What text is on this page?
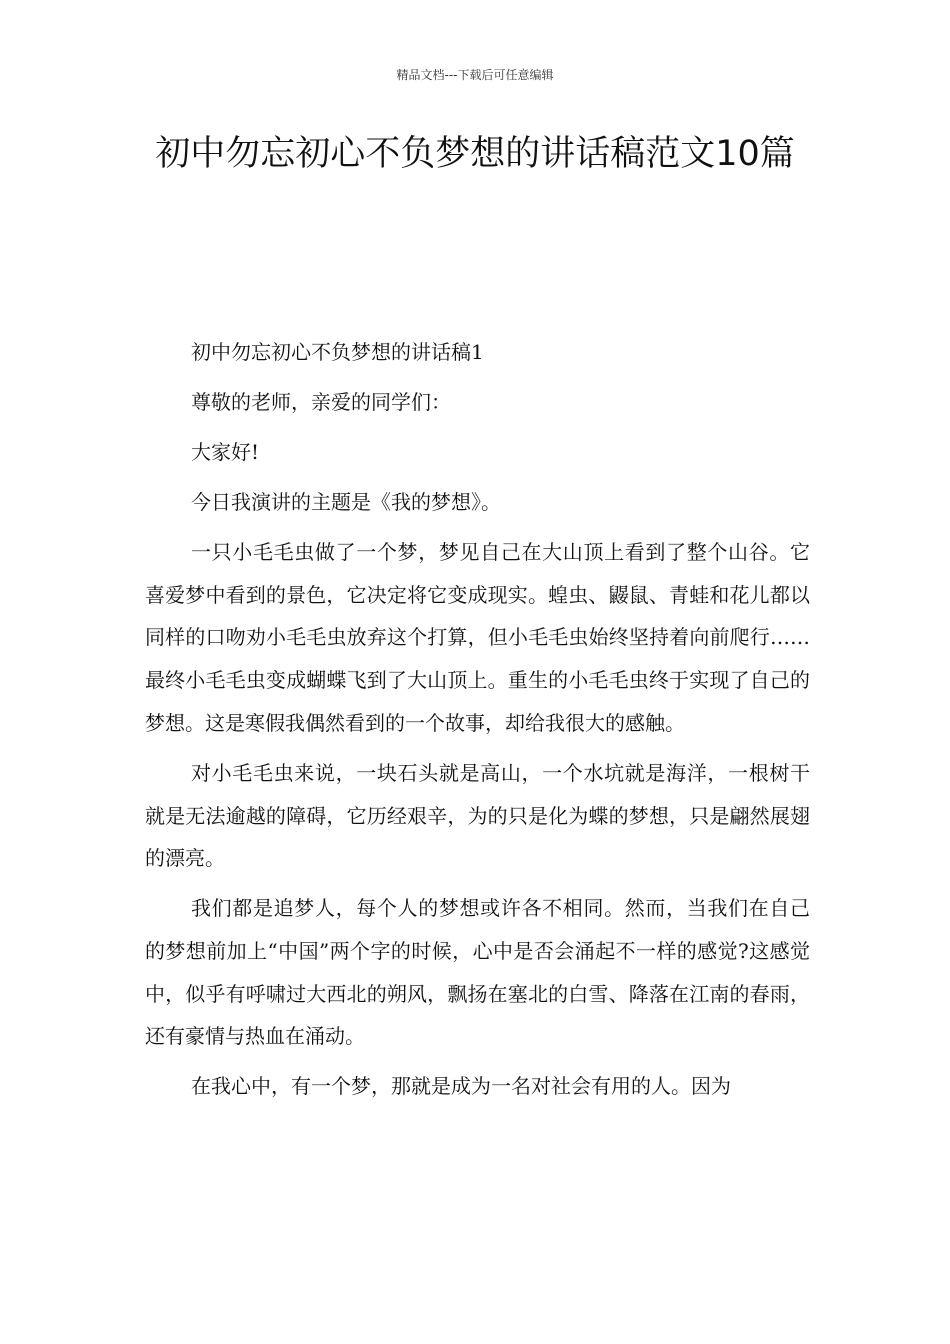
精品文档---下载后可任意编辑
初中勿忘初心不负梦想的讲话稿范文10篇

初中勿忘初心不负梦想的讲话稿1

尊敬的老师，亲爱的同学们：

大家好!

今日我演讲的主题是《我的梦想》。

一只小毛毛虫做了一个梦，梦见自己在大山顶上看到了整个山谷。它喜爱梦中看到的景色，它决定将它变成现实。蝗虫、鼹鼠、青蛙和花儿都以同样的口吻劝小毛毛虫放弃这个打算，但小毛毛虫始终坚持着向前爬行……最终小毛毛虫变成蝴蝶飞到了大山顶上。重生的小毛毛虫终于实现了自己的梦想。这是寒假我偶然看到的一个故事，却给我很大的感触。

对小毛毛虫来说，一块石头就是高山，一个水坑就是海洋，一根树干就是无法逾越的障碍，它历经艰辛，为的只是化为蝶的梦想，只是翩然展翅的漂亮。

我们都是追梦人，每个人的梦想或许各不相同。然而，当我们在自己的梦想前加上“中国”两个字的时候，心中是否会涌起不一样的感觉?这感觉中，似乎有呼啸过大西北的朔风，飘扬在塞北的白雪、降落在江南的春雨，还有豪情与热血在涌动。

在我心中，有一个梦，那就是成为一名对社会有用的人。因为
